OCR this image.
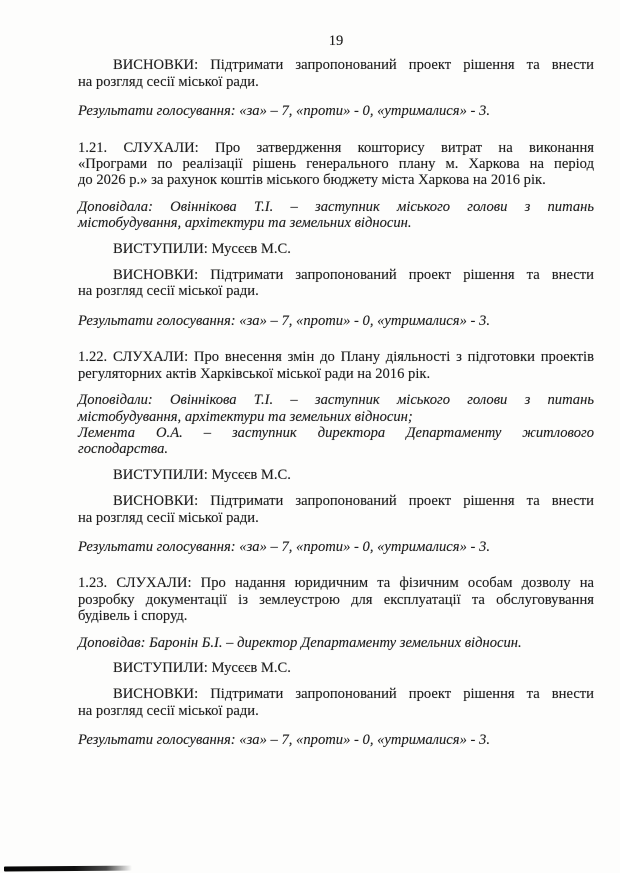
19

ВИСНОВКИ: Підтримати запропонований проект рішення та внести
на розгляд сесії міської ради.

Результати голосування: «за» – 7, «проти» - 0, «утрималися» - 3.

1.21. СЛУХАЛИ: Про затвердження кошторису витрат на виконання
«Програми по реалізації рішень генерального плану м. Харкова на період
до 2026 р.» за рахунок коштів міського бюджету міста Харкова на 2016 рік.

Доповідала: Овіннікова Т.І. – заступник міського голови з питань
містобудування, архітектури та земельних відносин.

ВИСТУПИЛИ: Мусєєв М.С.

ВИСНОВКИ: Підтримати запропонований проект рішення та внести
на розгляд сесії міської ради.

Результати голосування: «за» – 7, «проти» - 0, «утрималися» - 3.

1.22. СЛУХАЛИ: Про внесення змін до Плану діяльності з підготовки проектів
регуляторних актів Харківської міської ради на 2016 рік.

Доповідали: Овіннікова Т.І. – заступник міського голови з питань
містобудування, архітектури та земельних відносин;

Лемента О.А. – заступник директора Департаменту житлового
господарства.

ВИСТУПИЛИ: Мусєєв М.С.

ВИСНОВКИ: Підтримати запропонований проект рішення та внести
на розгляд сесії міської ради.

Результати голосування: «за» – 7, «проти» - 0, «утрималися» - 3.

1.23. СЛУХАЛИ: Про надання юридичним та фізичним особам дозволу на
розробку документації із землеустрою для експлуатації та обслуговування
будівель і споруд.

Доповідав: Баронін Б.І. – директор Департаменту земельних відносин.

ВИСТУПИЛИ: Мусєєв М.С.

ВИСНОВКИ: Підтримати запропонований проект рішення та внести
на розгляд сесії міської ради.

Результати голосування: «за» – 7, «проти» - 0, «утрималися» - 3.
